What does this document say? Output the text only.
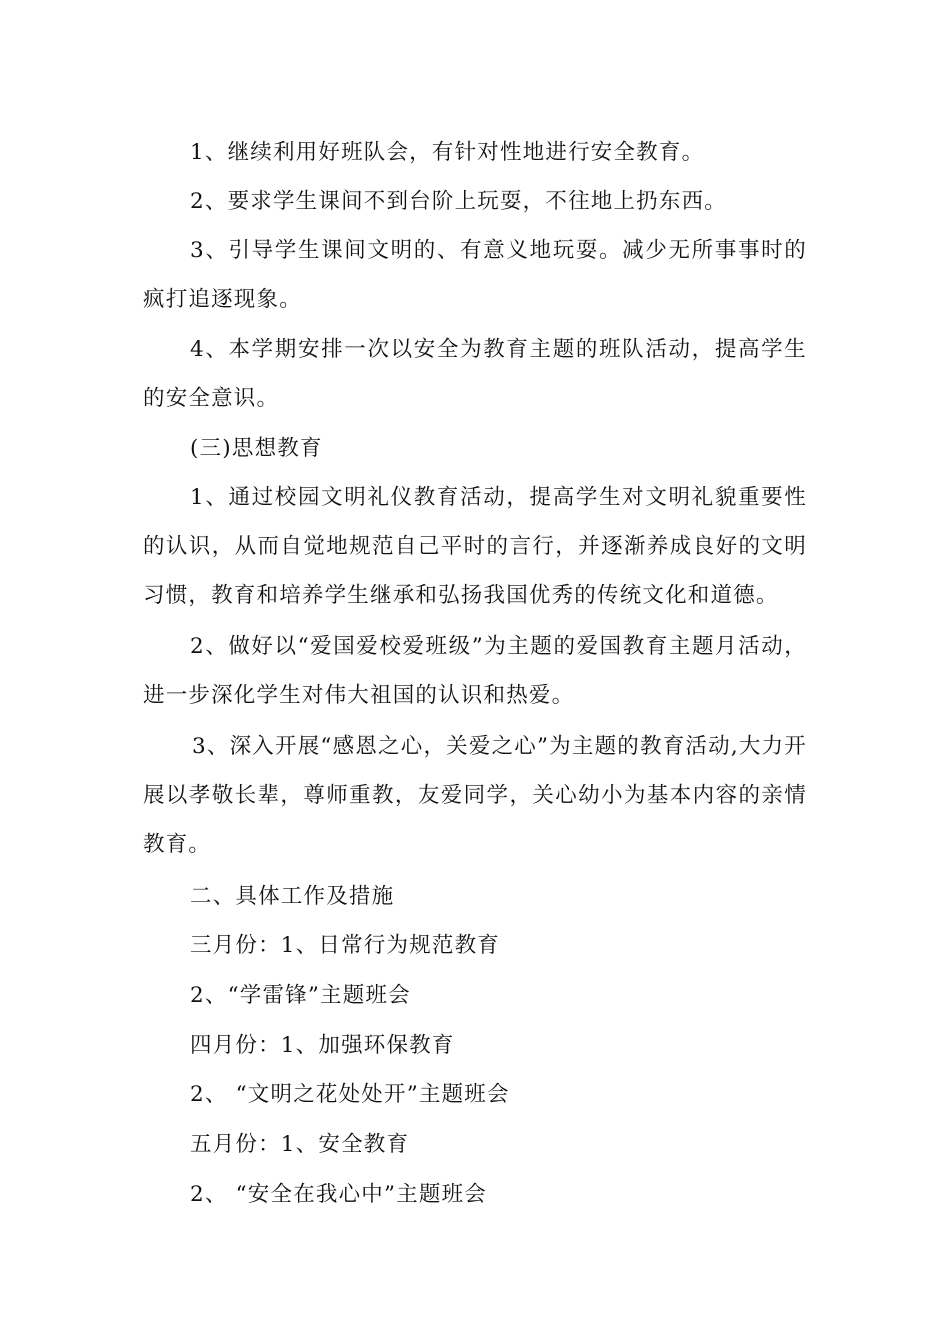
1、继续利用好班队会，有针对性地进行安全教育。

2、要求学生课间不到台阶上玩耍，不往地上扔东西。

3、引导学生课间文明的、有意义地玩耍。减少无所事事时的疯打追逐现象。

4、本学期安排一次以安全为教育主题的班队活动，提高学生的安全意识。

(三)思想教育

1、通过校园文明礼仪教育活动，提高学生对文明礼貌重要性的认识，从而自觉地规范自己平时的言行，并逐渐养成良好的文明习惯，教育和培养学生继承和弘扬我国优秀的传统文化和道德。

2、做好以“爱国爱校爱班级”为主题的爱国教育主题月活动，进一步深化学生对伟大祖国的认识和热爱。

3、深入开展“感恩之心，关爱之心”为主题的教育活动,大力开展以孝敬长辈，尊师重教，友爱同学，关心幼小为基本内容的亲情教育。

二、具体工作及措施

三月份：1、日常行为规范教育

2、“学雷锋”主题班会

四月份：1、加强环保教育

2、 “文明之花处处开”主题班会

五月份：1、安全教育

2、 “安全在我心中”主题班会
